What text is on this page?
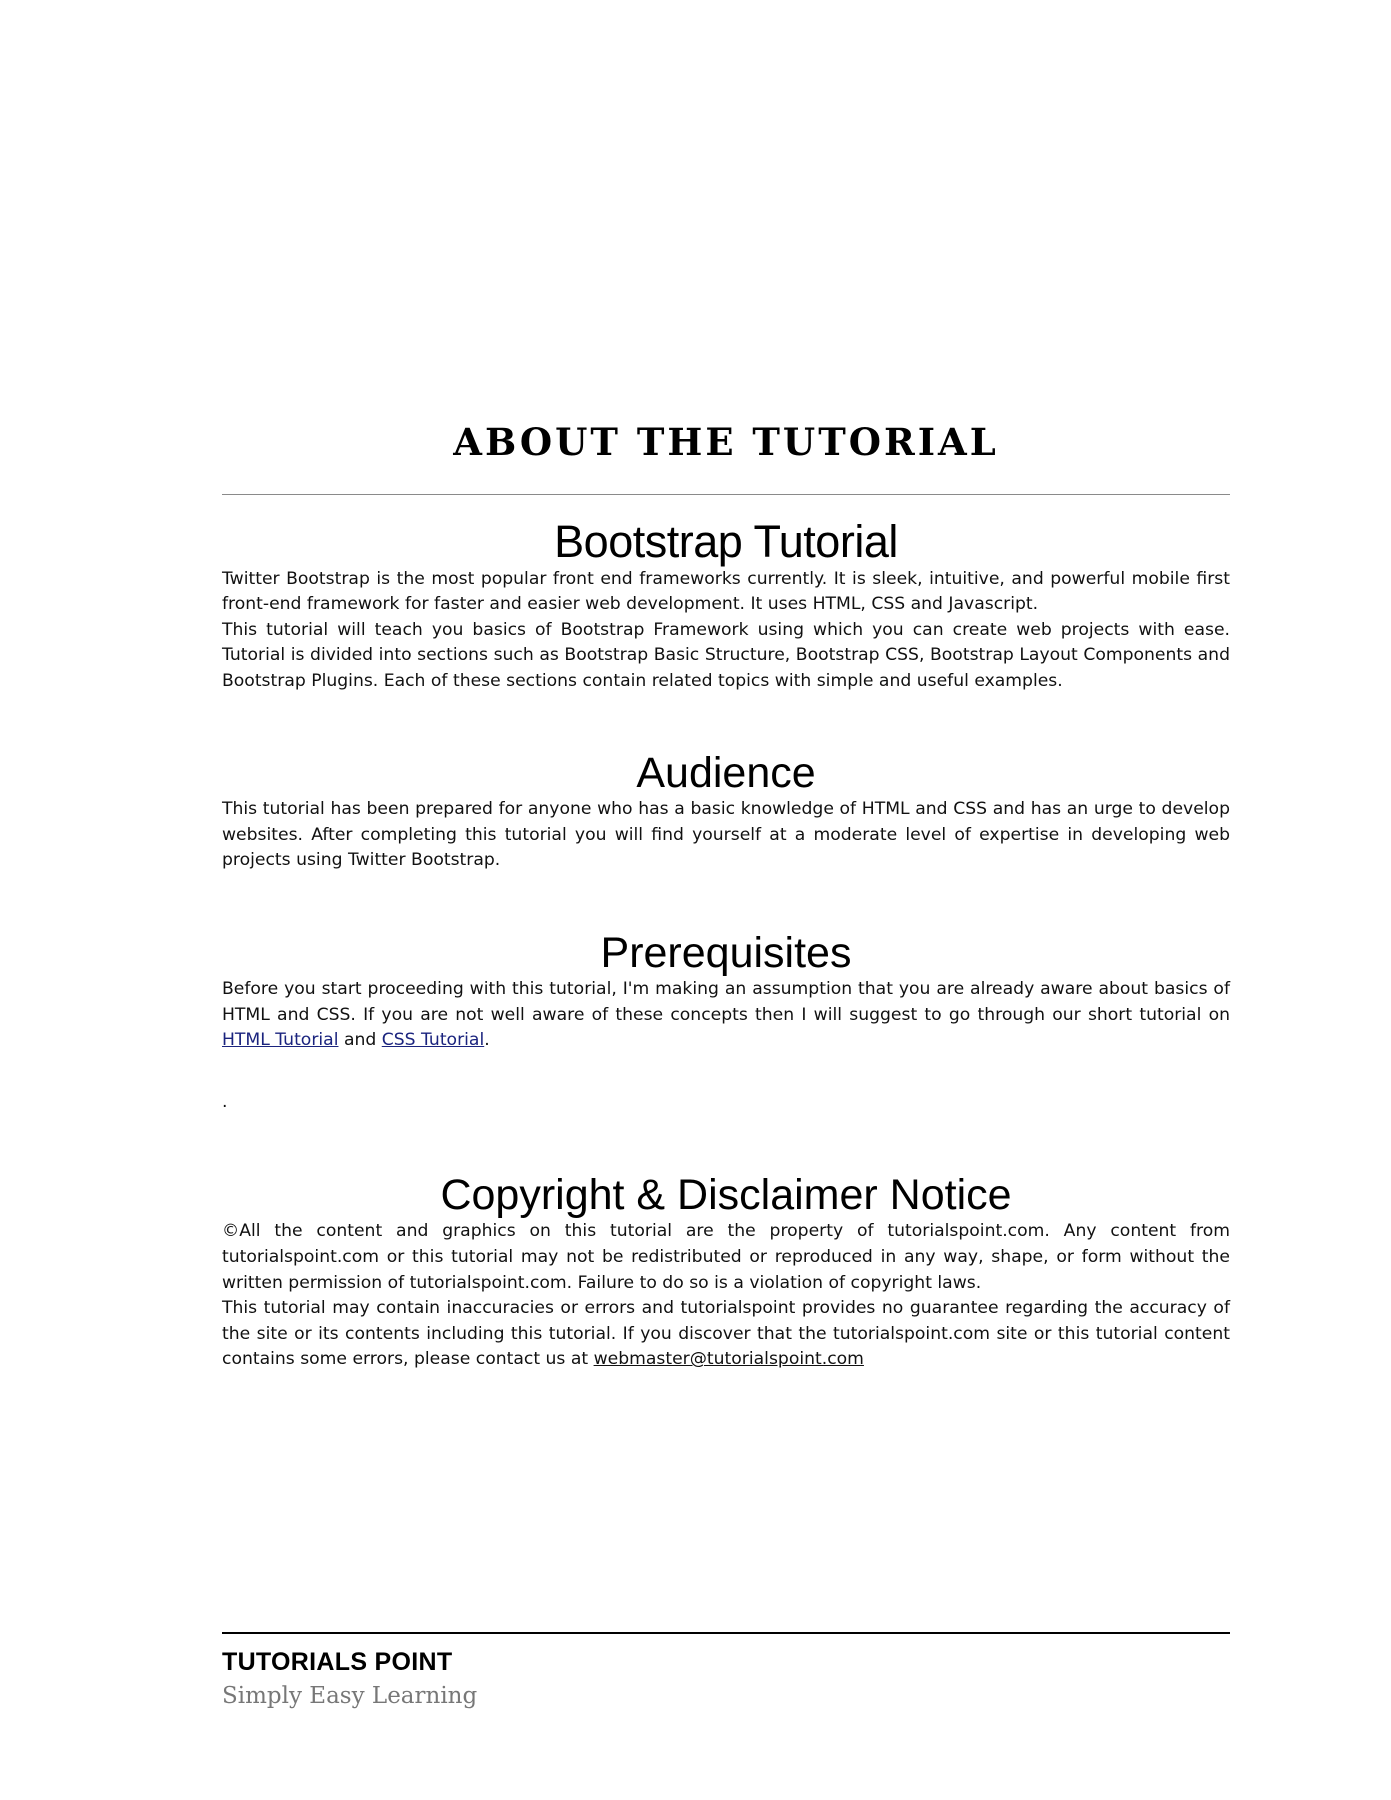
ABOUT THE TUTORIAL
Bootstrap Tutorial

Twitter Bootstrap is the most popular front end frameworks currently. It is sleek, intuitive, and powerful mobile first front-end framework for faster and easier web development. It uses HTML, CSS and Javascript.

This tutorial will teach you basics of Bootstrap Framework using which you can create web projects with ease. Tutorial is divided into sections such as Bootstrap Basic Structure, Bootstrap CSS, Bootstrap Layout Components and Bootstrap Plugins. Each of these sections contain related topics with simple and useful examples.

Audience

This tutorial has been prepared for anyone who has a basic knowledge of HTML and CSS and has an urge to develop websites. After completing this tutorial you will find yourself at a moderate level of expertise in developing web projects using Twitter Bootstrap.

Prerequisites

Before you start proceeding with this tutorial, I'm making an assumption that you are already aware about basics of HTML and CSS. If you are not well aware of these concepts then I will suggest to go through our short tutorial on HTML Tutorial and CSS Tutorial.

.
Copyright & Disclaimer Notice

©All the content and graphics on this tutorial are the property of tutorialspoint.com. Any content from tutorialspoint.com or this tutorial may not be redistributed or reproduced in any way, shape, or form without the written permission of tutorialspoint.com. Failure to do so is a violation of copyright laws.

This tutorial may contain inaccuracies or errors and tutorialspoint provides no guarantee regarding the accuracy of the site or its contents including this tutorial. If you discover that the tutorialspoint.com site or this tutorial content contains some errors, please contact us at webmaster@tutorialspoint.com

TUTORIALS POINT
Simply Easy Learning
